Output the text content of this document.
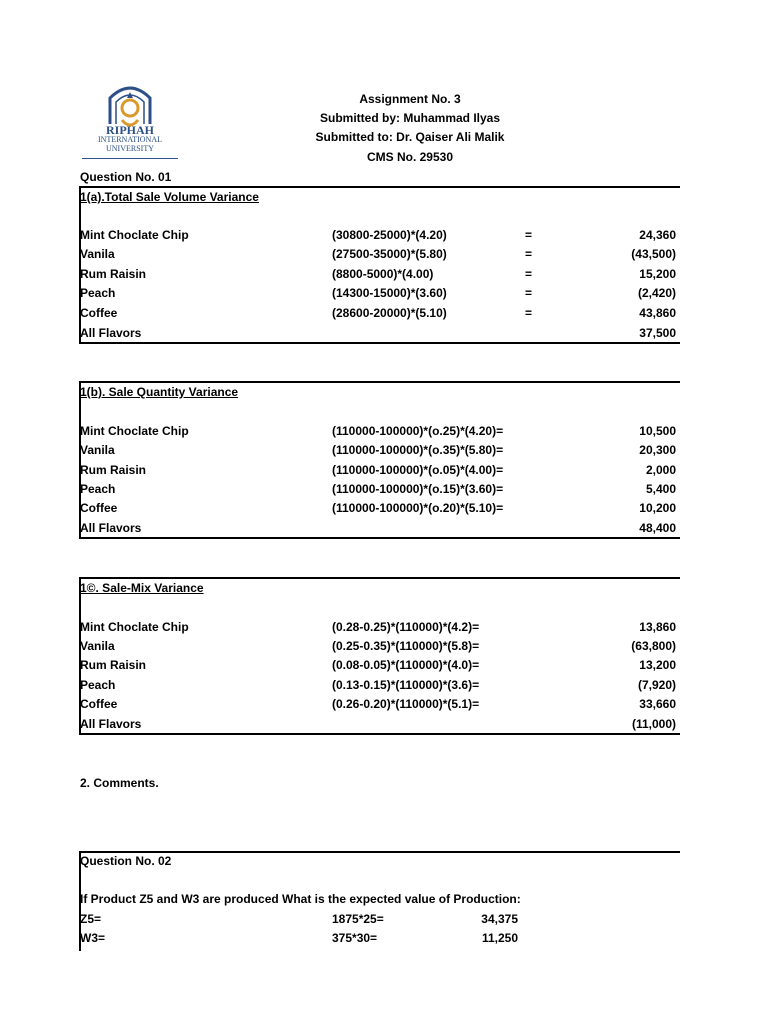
RIPHAH
INTERNATIONAL
UNIVERSITY
Assignment No. 3
Submitted by: Muhammad Ilyas
Submitted to: Dr. Qaiser Ali Malik
CMS No. 29530
Question No. 01
1(a).Total Sale Volume Variance
Mint Choclate Chip	(30800-25000)*(4.20)	=	24,360
Vanila	(27500-35000)*(5.80)	=	(43,500)
Rum Raisin	(8800-5000)*(4.00)	=	15,200
Peach	(14300-15000)*(3.60)	=	(2,420)
Coffee	(28600-20000)*(5.10)	=	43,860
All Flavors	37,500
1(b). Sale Quantity Variance
Mint Choclate Chip	(110000-100000)*(o.25)*(4.20)=	10,500
Vanila	(110000-100000)*(o.35)*(5.80)=	20,300
Rum Raisin	(110000-100000)*(o.05)*(4.00)=	2,000
Peach	(110000-100000)*(o.15)*(3.60)=	5,400
Coffee	(110000-100000)*(o.20)*(5.10)=	10,200
All Flavors	48,400
1©. Sale-Mix Variance
Mint Choclate Chip	(0.28-0.25)*(110000)*(4.2)=	13,860
Vanila	(0.25-0.35)*(110000)*(5.8)=	(63,800)
Rum Raisin	(0.08-0.05)*(110000)*(4.0)=	13,200
Peach	(0.13-0.15)*(110000)*(3.6)=	(7,920)
Coffee	(0.26-0.20)*(110000)*(5.1)=	33,660
All Flavors	(11,000)
2. Comments.
Question No. 02
If Product Z5 and W3 are produced What is the expected value of Production:
Z5=	1875*25=	34,375
W3=	375*30=	11,250
